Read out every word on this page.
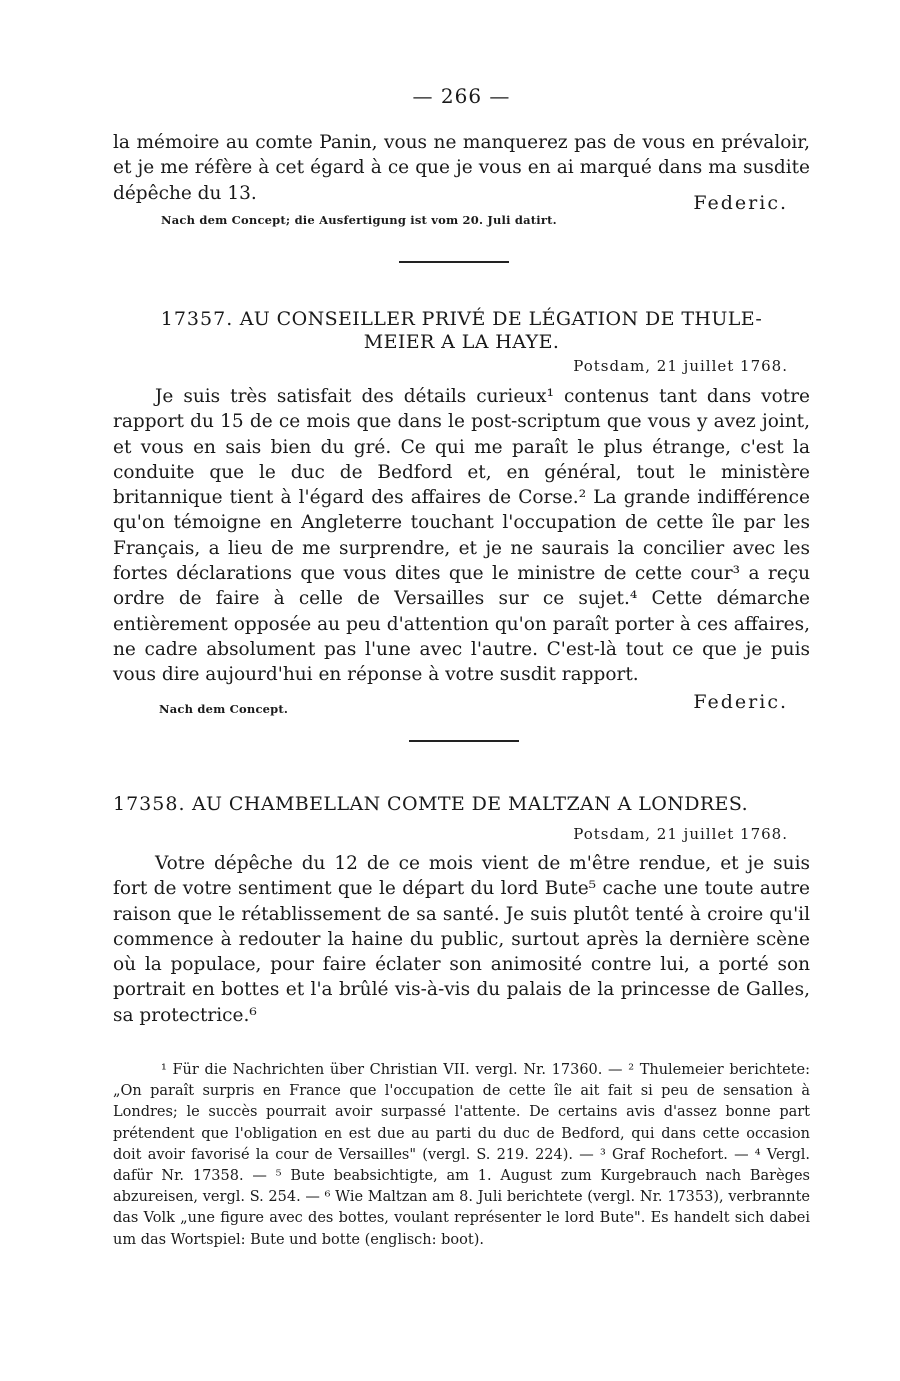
— 266 —

la mémoire au comte Panin, vous ne manquerez pas de vous en prévaloir, et je me réfère à cet égard à ce que je vous en ai marqué dans ma susdite dépêche du 13.	Federic.
Nach dem Concept; die Ausfertigung ist vom 20. Juli datirt.
17357. AU CONSEILLER PRIVÉ DE LÉGATION DE THULE-
MEIER A LA HAYE.
Potsdam, 21 juillet 1768.

Je suis très satisfait des détails curieux¹ contenus tant dans votre rapport du 15 de ce mois que dans le post-scriptum que vous y avez joint, et vous en sais bien du gré. Ce qui me paraît le plus étrange, c'est la conduite que le duc de Bedford et, en général, tout le ministère britannique tient à l'égard des affaires de Corse.² La grande indifférence qu'on témoigne en Angleterre touchant l'occupation de cette île par les Français, a lieu de me surprendre, et je ne saurais la concilier avec les fortes déclarations que vous dites que le ministre de cette cour³ a reçu ordre de faire à celle de Versailles sur ce sujet.⁴ Cette démarche entièrement opposée au peu d'attention qu'on paraît porter à ces affaires, ne cadre absolument pas l'une avec l'autre. C'est-là tout ce que je puis vous dire aujourd'hui en réponse à votre susdit rapport.

Nach dem Concept.	Federic.
17358. AU CHAMBELLAN COMTE DE MALTZAN A LONDRES.
Potsdam, 21 juillet 1768.

Votre dépêche du 12 de ce mois vient de m'être rendue, et je suis fort de votre sentiment que le départ du lord Bute⁵ cache une toute autre raison que le rétablissement de sa santé. Je suis plutôt tenté à croire qu'il commence à redouter la haine du public, surtout après la dernière scène où la populace, pour faire éclater son animosité contre lui, a porté son portrait en bottes et l'a brûlé vis-à-vis du palais de la princesse de Galles, sa protectrice.⁶

¹ Für die Nachrichten über Christian VII. vergl. Nr. 17360. — ² Thulemeier berichtete: „On paraît surpris en France que l'occupation de cette île ait fait si peu de sensation à Londres; le succès pourrait avoir surpassé l'attente. De certains avis d'assez bonne part prétendent que l'obligation en est due au parti du duc de Bedford, qui dans cette occasion doit avoir favorisé la cour de Versailles" (vergl. S. 219. 224). — ³ Graf Rochefort. — ⁴ Vergl. dafür Nr. 17358. — ⁵ Bute beabsichtigte, am 1. August zum Kurgebrauch nach Barèges abzureisen, vergl. S. 254. — ⁶ Wie Maltzan am 8. Juli berichtete (vergl. Nr. 17353), verbrannte das Volk „une figure avec des bottes, voulant représenter le lord Bute". Es handelt sich dabei um das Wortspiel: Bute und botte (englisch: boot).
